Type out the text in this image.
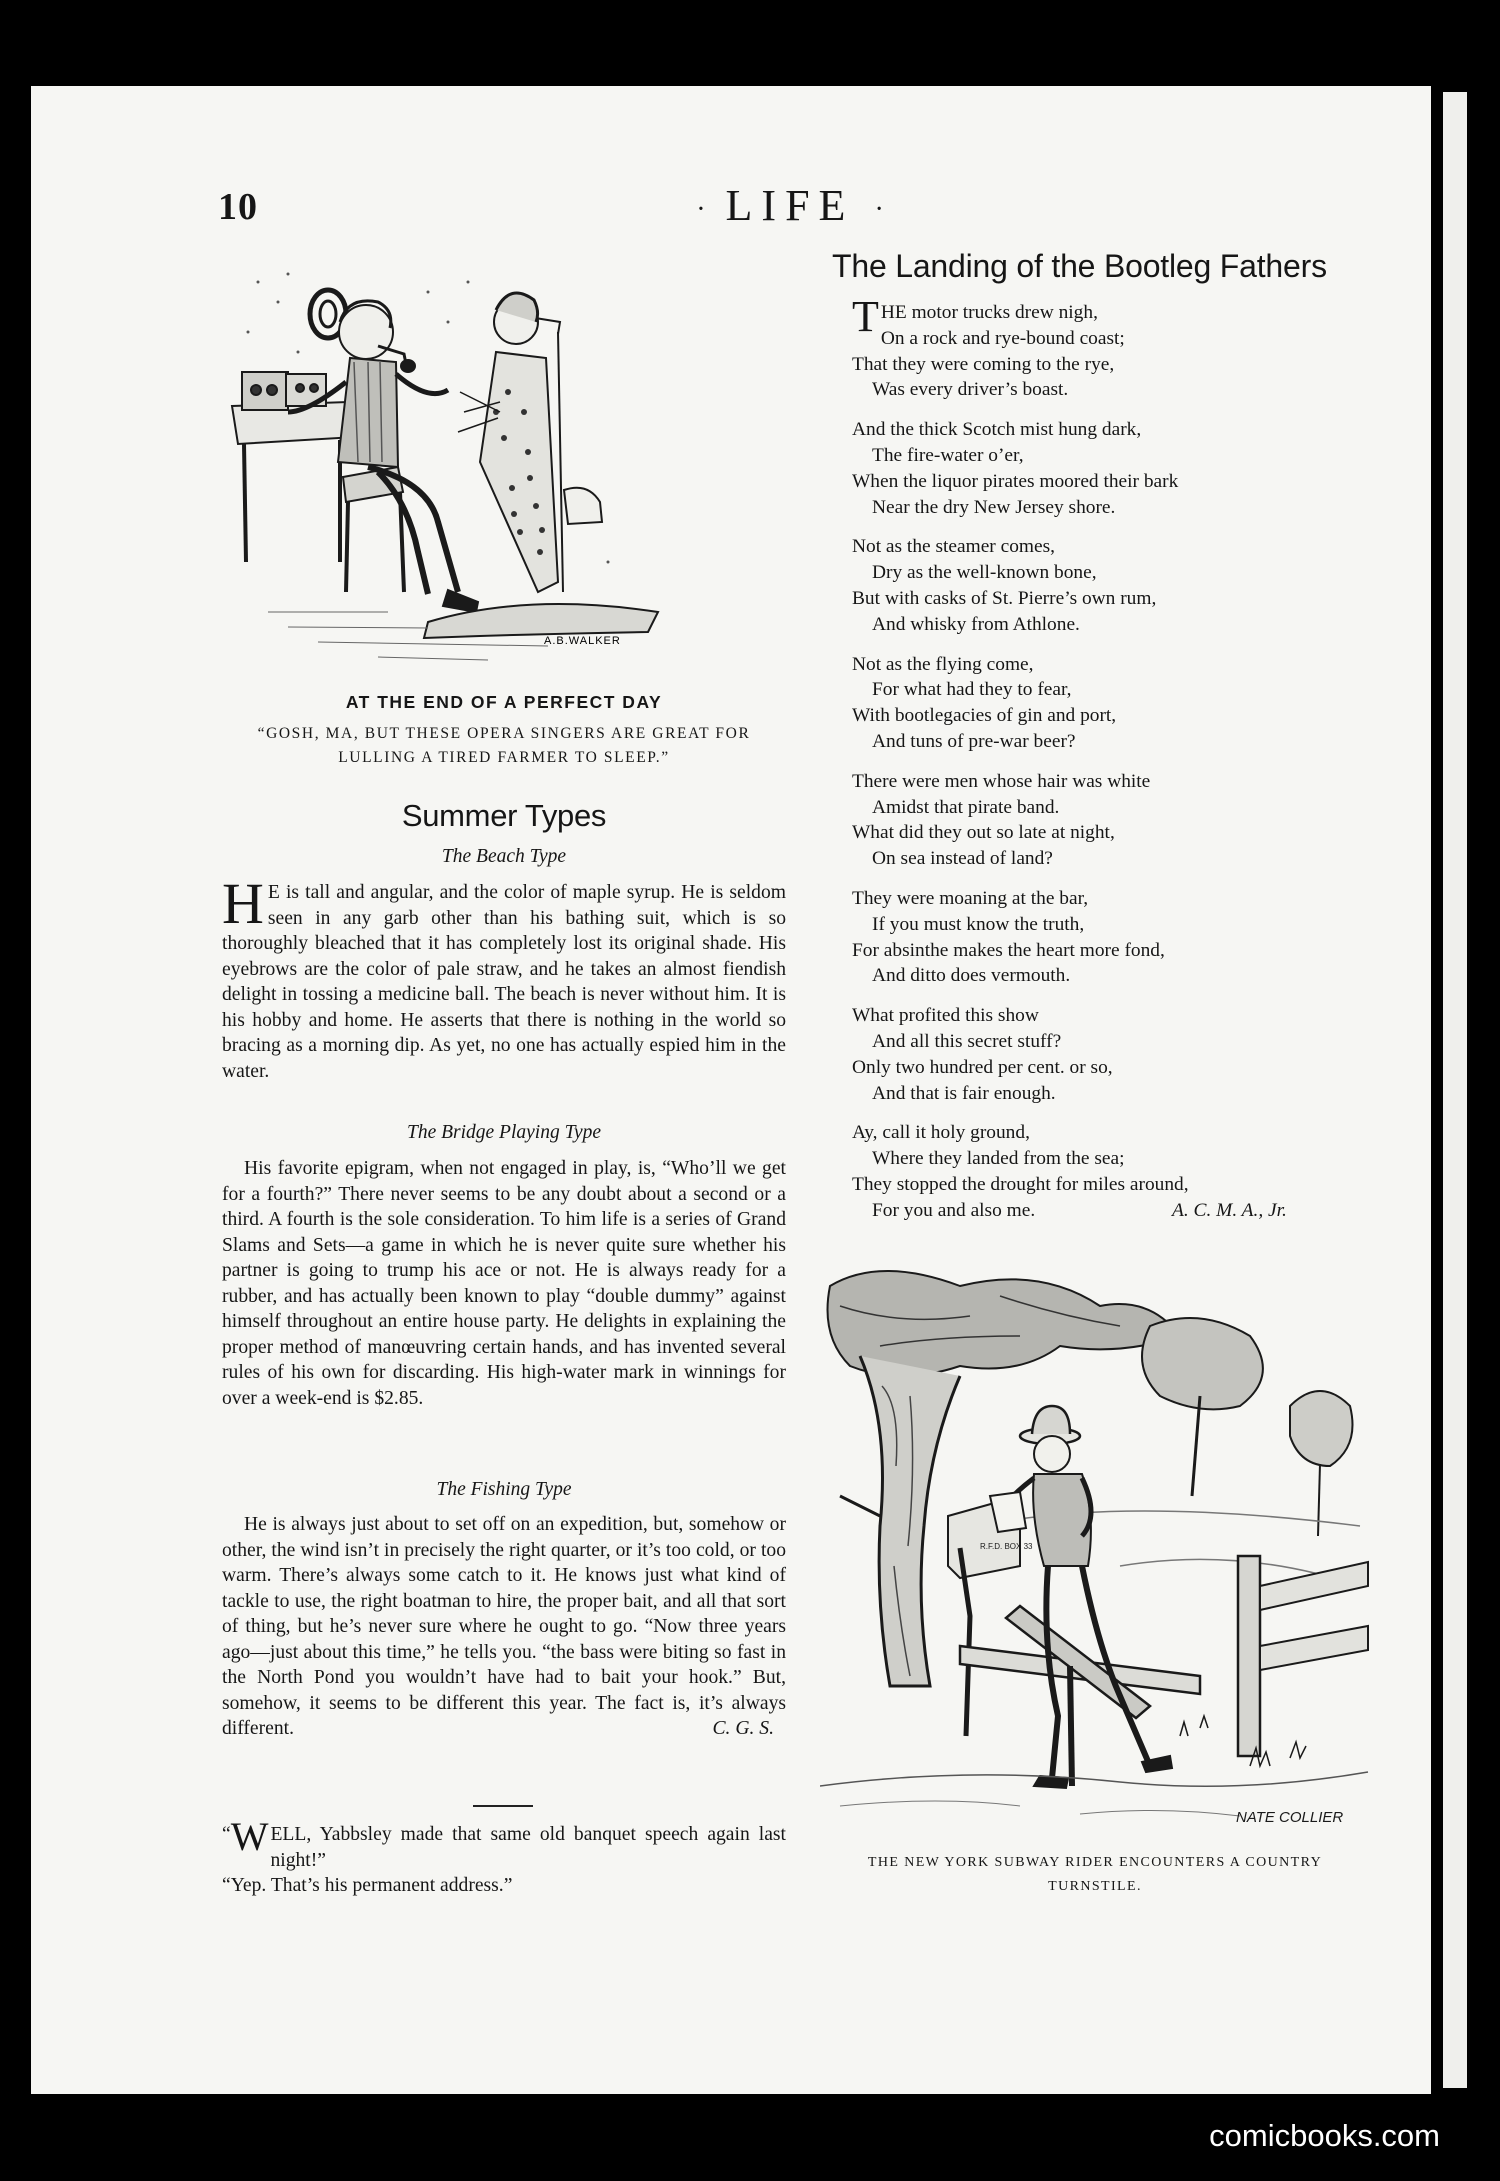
10	· LIFE ·
A.B.WALKER
AT THE END OF A PERFECT DAY
“GOSH, MA, BUT THESE OPERA SINGERS ARE GREAT FOR
LULLING A TIRED FARMER TO SLEEP.”
Summer Types
The Beach Type

H E is tall and angular, and the color of maple syrup. He is seldom seen in any garb other than his bathing suit, which is so thoroughly bleached that it has completely lost its original shade. His eyebrows are the color of pale straw, and he takes an almost fiendish delight in tossing a medicine ball. The beach is never without him. It is his hobby and home. He asserts that there is nothing in the world so bracing as a morning dip. As yet, no one has actually espied him in the water.

The Bridge Playing Type

His favorite epigram, when not engaged in play, is, “Who’ll we get for a fourth?” There never seems to be any doubt about a second or a third. A fourth is the sole consideration. To him life is a series of Grand Slams and Sets—a game in which he is never quite sure whether his partner is going to trump his ace or not. He is always ready for a rubber, and has actually been known to play “double dummy” against himself throughout an entire house party. He delights in explaining the proper method of manœuvring certain hands, and has invented several rules of his own for discarding. His high-water mark in winnings for over a week-end is $2.85.

The Fishing Type

He is always just about to set off on an expedition, but, somehow or other, the wind isn’t in precisely the right quarter, or it’s too cold, or too warm. There’s always some catch to it. He knows just what kind of tackle to use, the right boatman to hire, the proper bait, and all that sort of thing, but he’s never sure where he ought to go. “Now three years ago—just about this time,” he tells you. “the bass were biting so fast in the North Pond you wouldn’t have had to bait your hook.” But, somehow, it seems to be different this year. The fact is, it’s always different.	C. G. S.

“ W ELL, Yabbsley made that same old banquet speech again last night!”

“Yep. That’s his permanent address.”

The Landing of the Bootleg Fathers
THE motor trucks drew nigh,
On a rock and rye-bound coast;
That they were coming to the rye,
Was every driver’s boast.
And the thick Scotch mist hung dark,
The fire-water o’er,
When the liquor pirates moored their bark
Near the dry New Jersey shore.
Not as the steamer comes,
Dry as the well-known bone,
But with casks of St. Pierre’s own rum,
And whisky from Athlone.
Not as the flying come,
For what had they to fear,
With bootlegacies of gin and port,
And tuns of pre-war beer?
There were men whose hair was white
Amidst that pirate band.
What did they out so late at night,
On sea instead of land?
They were moaning at the bar,
If you must know the truth,
For absinthe makes the heart more fond,
And ditto does vermouth.
What profited this show
And all this secret stuff?
Only two hundred per cent. or so,
And that is fair enough.
Ay, call it holy ground,
Where they landed from the sea;
They stopped the drought for miles around,
For you and also me.	A. C. M. A., Jr.
R.F.D. BOX 33
NATE COLLIER
THE NEW YORK SUBWAY RIDER ENCOUNTERS A COUNTRY
TURNSTILE.
comicbooks.com
